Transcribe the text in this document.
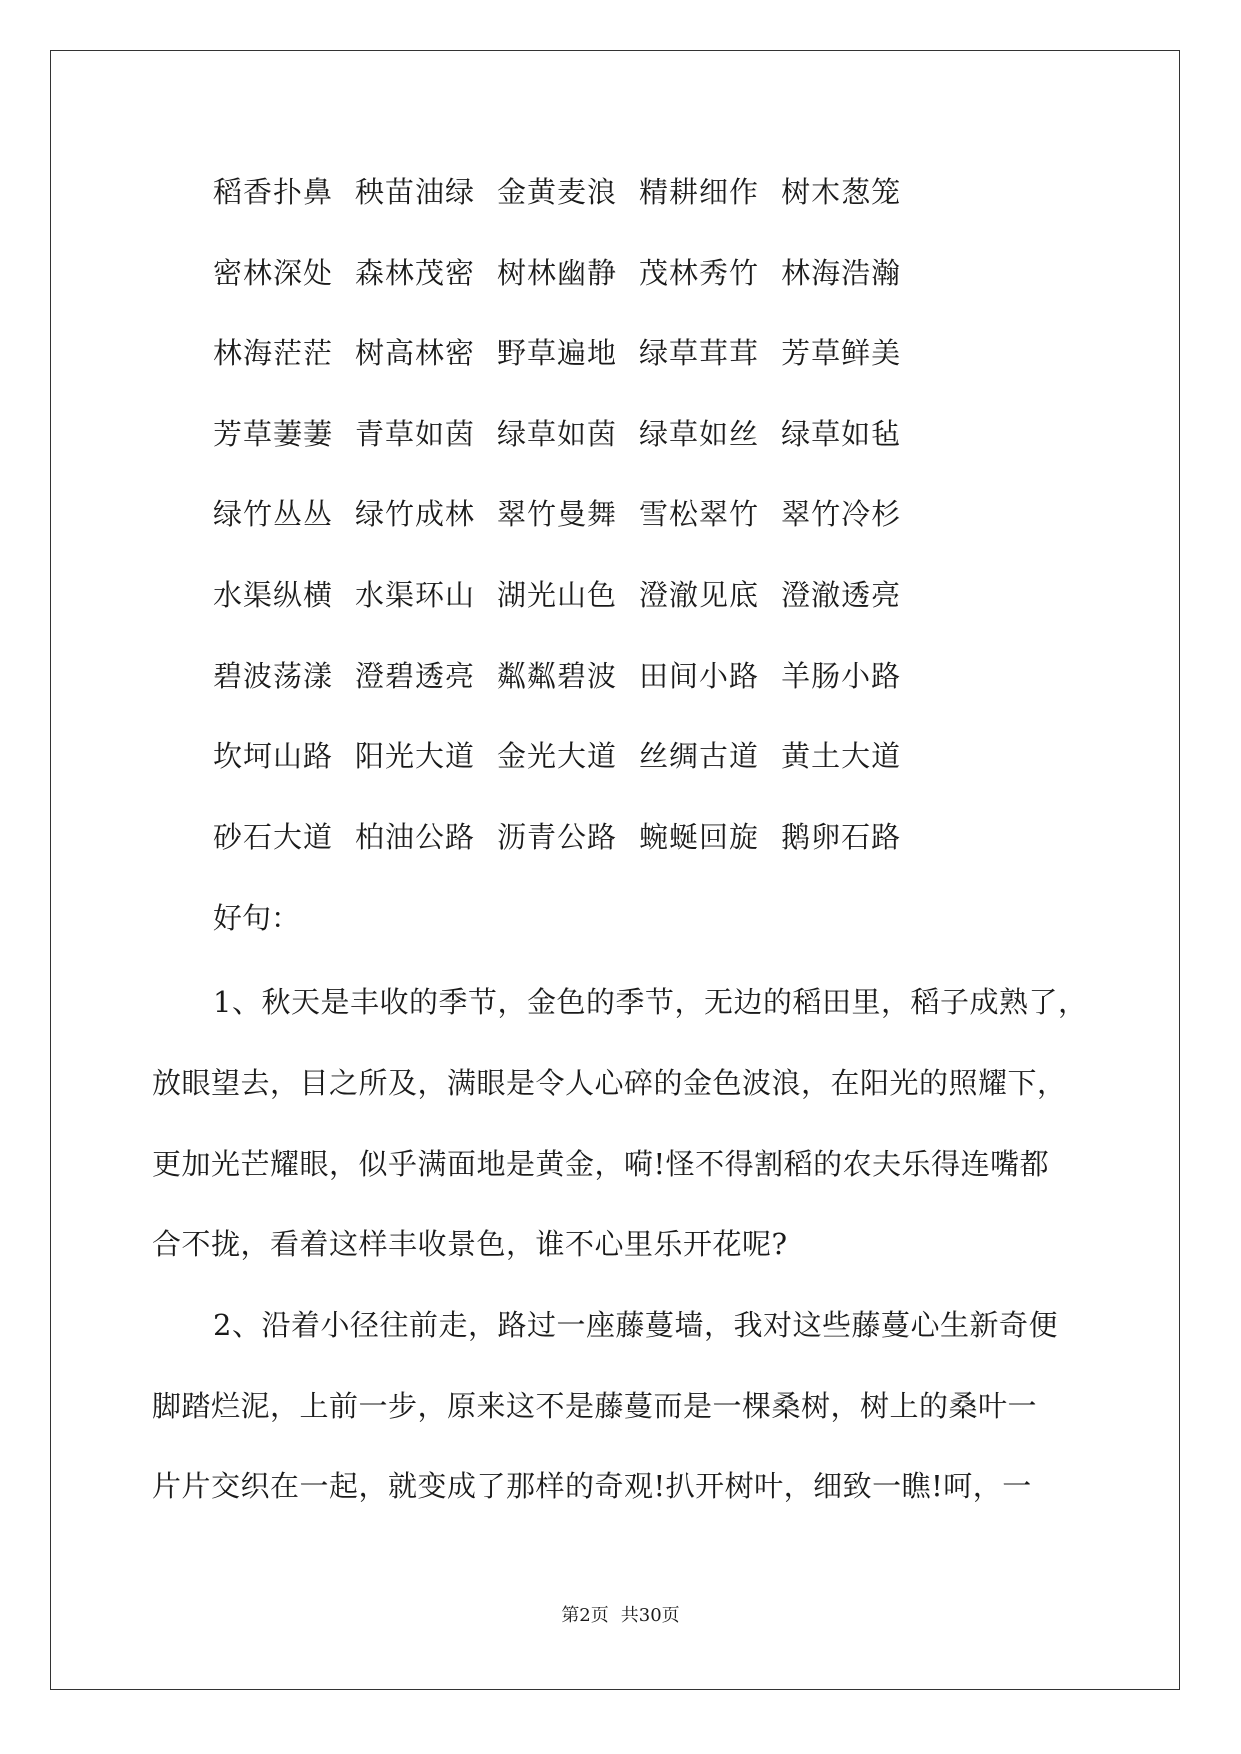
稻香扑鼻 秧苗油绿 金黄麦浪 精耕细作 树木葱笼
密林深处 森林茂密 树林幽静 茂林秀竹 林海浩瀚
林海茫茫 树高林密 野草遍地 绿草茸茸 芳草鲜美
芳草萋萋 青草如茵 绿草如茵 绿草如丝 绿草如毡
绿竹丛丛 绿竹成林 翠竹曼舞 雪松翠竹 翠竹冷杉
水渠纵横 水渠环山 湖光山色 澄澈见底 澄澈透亮
碧波荡漾 澄碧透亮 粼粼碧波 田间小路 羊肠小路
坎坷山路 阳光大道 金光大道 丝绸古道 黄土大道
砂石大道 柏油公路 沥青公路 蜿蜒回旋 鹅卵石路
好句：
1、秋天是丰收的季节，金色的季节，无边的稻田里，稻子成熟了，
放眼望去，目之所及，满眼是令人心碎的金色波浪，在阳光的照耀下，
更加光芒耀眼，似乎满面地是黄金，嗬!怪不得割稻的农夫乐得连嘴都
合不拢，看着这样丰收景色，谁不心里乐开花呢?
2、沿着小径往前走，路过一座藤蔓墙，我对这些藤蔓心生新奇便
脚踏烂泥，上前一步，原来这不是藤蔓而是一棵桑树，树上的桑叶一
片片交织在一起，就变成了那样的奇观!扒开树叶，细致一瞧!呵，一
第2页 共30页
